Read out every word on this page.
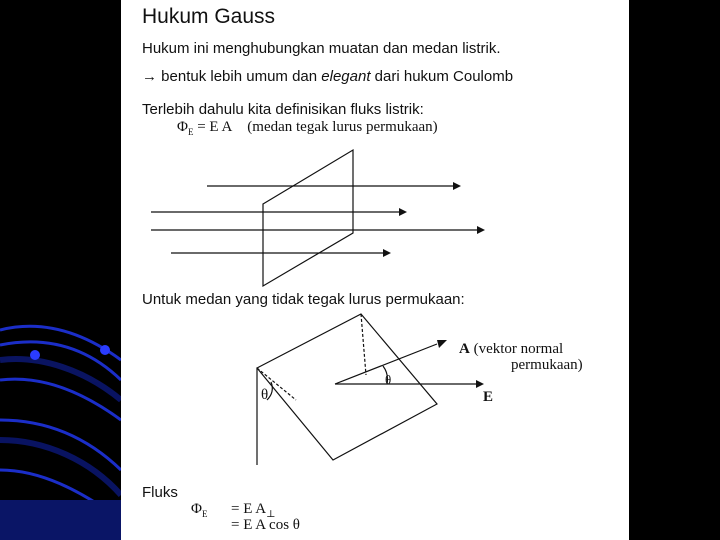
Hukum Gauss
Hukum ini menghubungkan muatan dan medan listrik.
→ bentuk lebih umum dan elegant dari hukum Coulomb
Terlebih dahulu kita definisikan fluks listrik:
$\Phi_E = E$ A (medan tegak lurus permukaan)
Untuk medan yang tidak tegak lurus permukaan:
A (vektor normal
permukaan)
E
θ
θ
Fluks
$\Phi_E = E$ $A_\perp$
= E A cos θ
